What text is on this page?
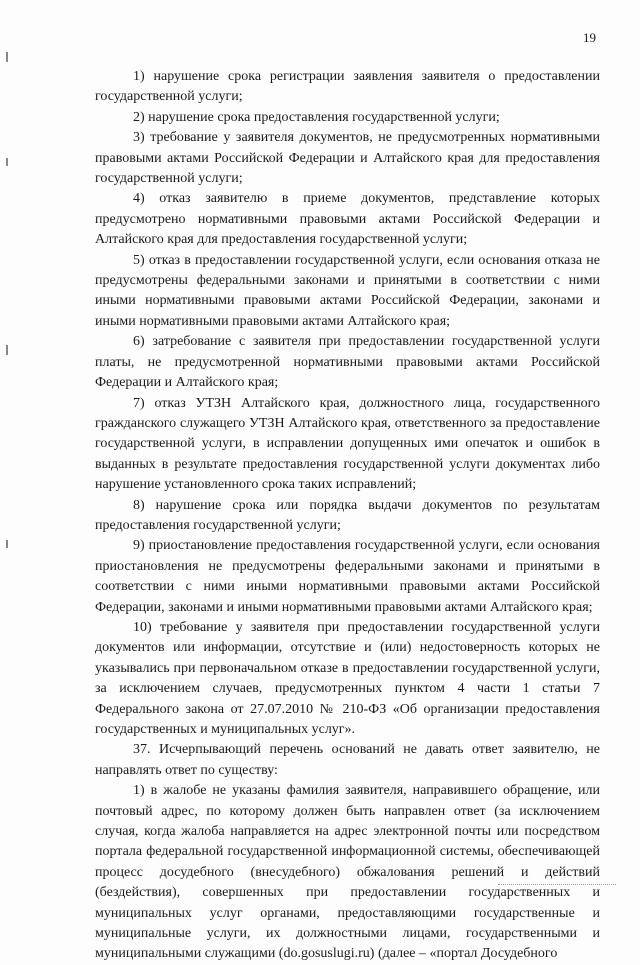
19

1) нарушение срока регистрации заявления заявителя о предоставлении государственной услуги;

2) нарушение срока предоставления государственной услуги;

3) требование у заявителя документов, не предусмотренных нормативными правовыми актами Российской Федерации и Алтайского края для предоставления государственной услуги;

4) отказ заявителю в приеме документов, представление которых предусмотрено нормативными правовыми актами Российской Федерации и Алтайского края для предоставления государственной услуги;

5) отказ в предоставлении государственной услуги, если основания отказа не предусмотрены федеральными законами и принятыми в соответствии с ними иными нормативными правовыми актами Российской Федерации, законами и иными нормативными правовыми актами Алтайского края;

6) затребование с заявителя при предоставлении государственной услуги платы, не предусмотренной нормативными правовыми актами Российской Федерации и Алтайского края;

7) отказ УТЗН Алтайского края, должностного лица, государственного гражданского служащего УТЗН Алтайского края, ответственного за предоставление государственной услуги, в исправлении допущенных ими опечаток и ошибок в выданных в результате предоставления государственной услуги документах либо нарушение установленного срока таких исправлений;

8) нарушение срока или порядка выдачи документов по результатам предоставления государственной услуги;

9) приостановление предоставления государственной услуги, если основания приостановления не предусмотрены федеральными законами и принятыми в соответствии с ними иными нормативными правовыми актами Российской Федерации, законами и иными нормативными правовыми актами Алтайского края;

10) требование у заявителя при предоставлении государственной услуги документов или информации, отсутствие и (или) недостоверность которых не указывались при первоначальном отказе в предоставлении государственной услуги, за исключением случаев, предусмотренных пунктом 4 части 1 статьи 7 Федерального закона от 27.07.2010 № 210-ФЗ «Об организации предоставления государственных и муниципальных услуг».

37. Исчерпывающий перечень оснований не давать ответ заявителю, не направлять ответ по существу:

1) в жалобе не указаны фамилия заявителя, направившего обращение, или почтовый адрес, по которому должен быть направлен ответ (за исключением случая, когда жалоба направляется на адрес электронной почты или посредством портала федеральной государственной информационной системы, обеспечивающей процесс досудебного (внесудебного) обжалования решений и действий (бездействия), совершенных при предоставлении государственных и муниципальных услуг органами, предоставляющими государственные и муниципальные услуги, их должностными лицами, государственными и муниципальными служащими (do.gosuslugi.ru) (далее – «портал Досудебного
